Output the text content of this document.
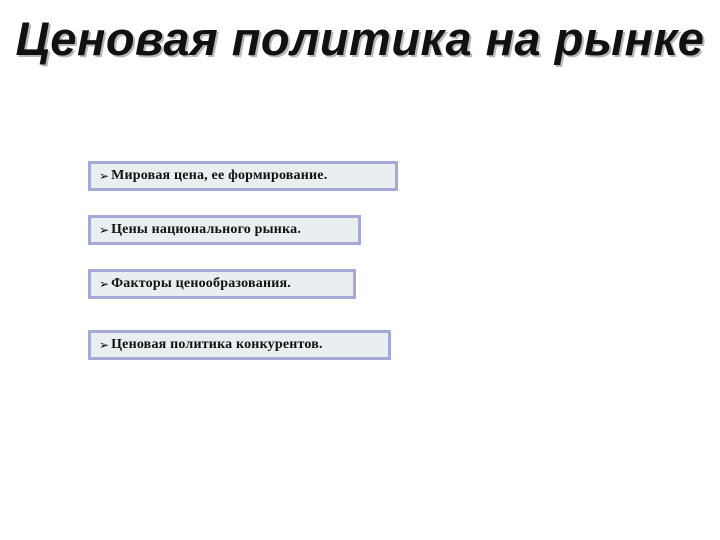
Ценовая политика на рынке
➢ Мировая цена, ее формирование.
➢ Цены национального рынка.
➢ Факторы ценообразования.
➢ Ценовая политика конкурентов.
